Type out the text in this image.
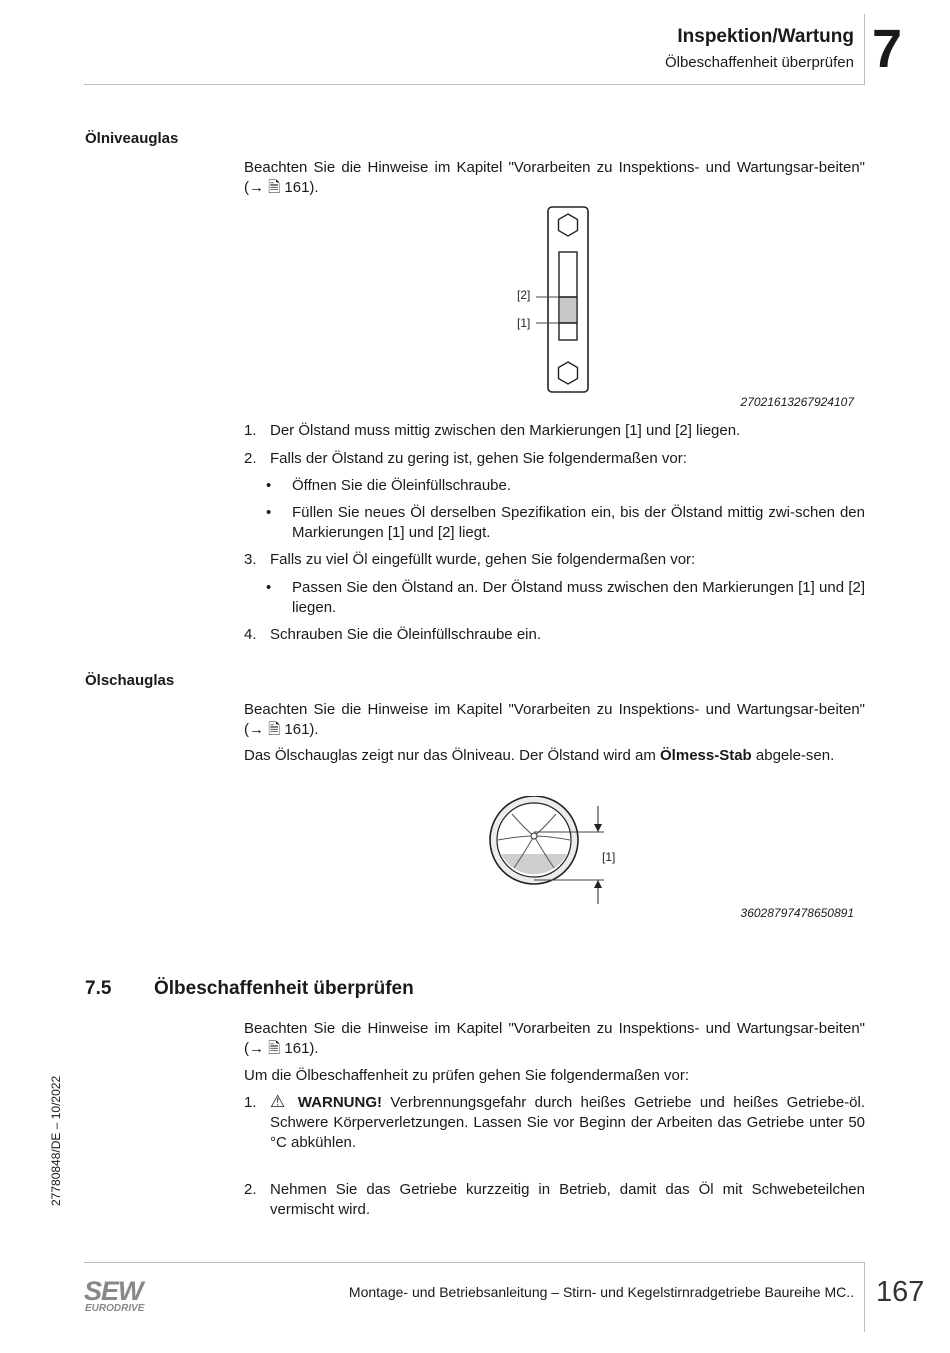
Inspektion/Wartung
Ölbeschaffenheit überprüfen 7
Ölniveauglas
Beachten Sie die Hinweise im Kapitel "Vorarbeiten zu Inspektions- und Wartungsar-beiten" (→ 🗎 161).
[2]
[1]
27021613267924107
1. Der Ölstand muss mittig zwischen den Markierungen [1] und [2] liegen.
2. Falls der Ölstand zu gering ist, gehen Sie folgendermaßen vor:
• Öffnen Sie die Öleinfüllschraube.
• Füllen Sie neues Öl derselben Spezifikation ein, bis der Ölstand mittig zwi-schen den Markierungen [1] und [2] liegt.
3. Falls zu viel Öl eingefüllt wurde, gehen Sie folgendermaßen vor:
• Passen Sie den Ölstand an. Der Ölstand muss zwischen den Markierungen [1] und [2] liegen.
4. Schrauben Sie die Öleinfüllschraube ein.
Ölschauglas
Beachten Sie die Hinweise im Kapitel "Vorarbeiten zu Inspektions- und Wartungsar-beiten" (→ 🗎 161).
Das Ölschauglas zeigt nur das Ölniveau. Der Ölstand wird am Ölmess-Stab abgele-sen.
[1]
36028797478650891
7.5 Ölbeschaffenheit überprüfen
Beachten Sie die Hinweise im Kapitel "Vorarbeiten zu Inspektions- und Wartungsar-beiten" (→ 🗎 161).
Um die Ölbeschaffenheit zu prüfen gehen Sie folgendermaßen vor:
1. ⚠ WARNUNG! Verbrennungsgefahr durch heißes Getriebe und heißes Getriebe-öl. Schwere Körperverletzungen. Lassen Sie vor Beginn der Arbeiten das Getriebe unter 50 °C abkühlen.
2. Nehmen Sie das Getriebe kurzzeitig in Betrieb, damit das Öl mit Schwebeteilchen vermischt wird.
27780848/DE – 10/2022
SEW
EURODRIVE
Montage- und Betriebsanleitung – Stirn- und Kegelstirnradgetriebe Baureihe MC.. 167
